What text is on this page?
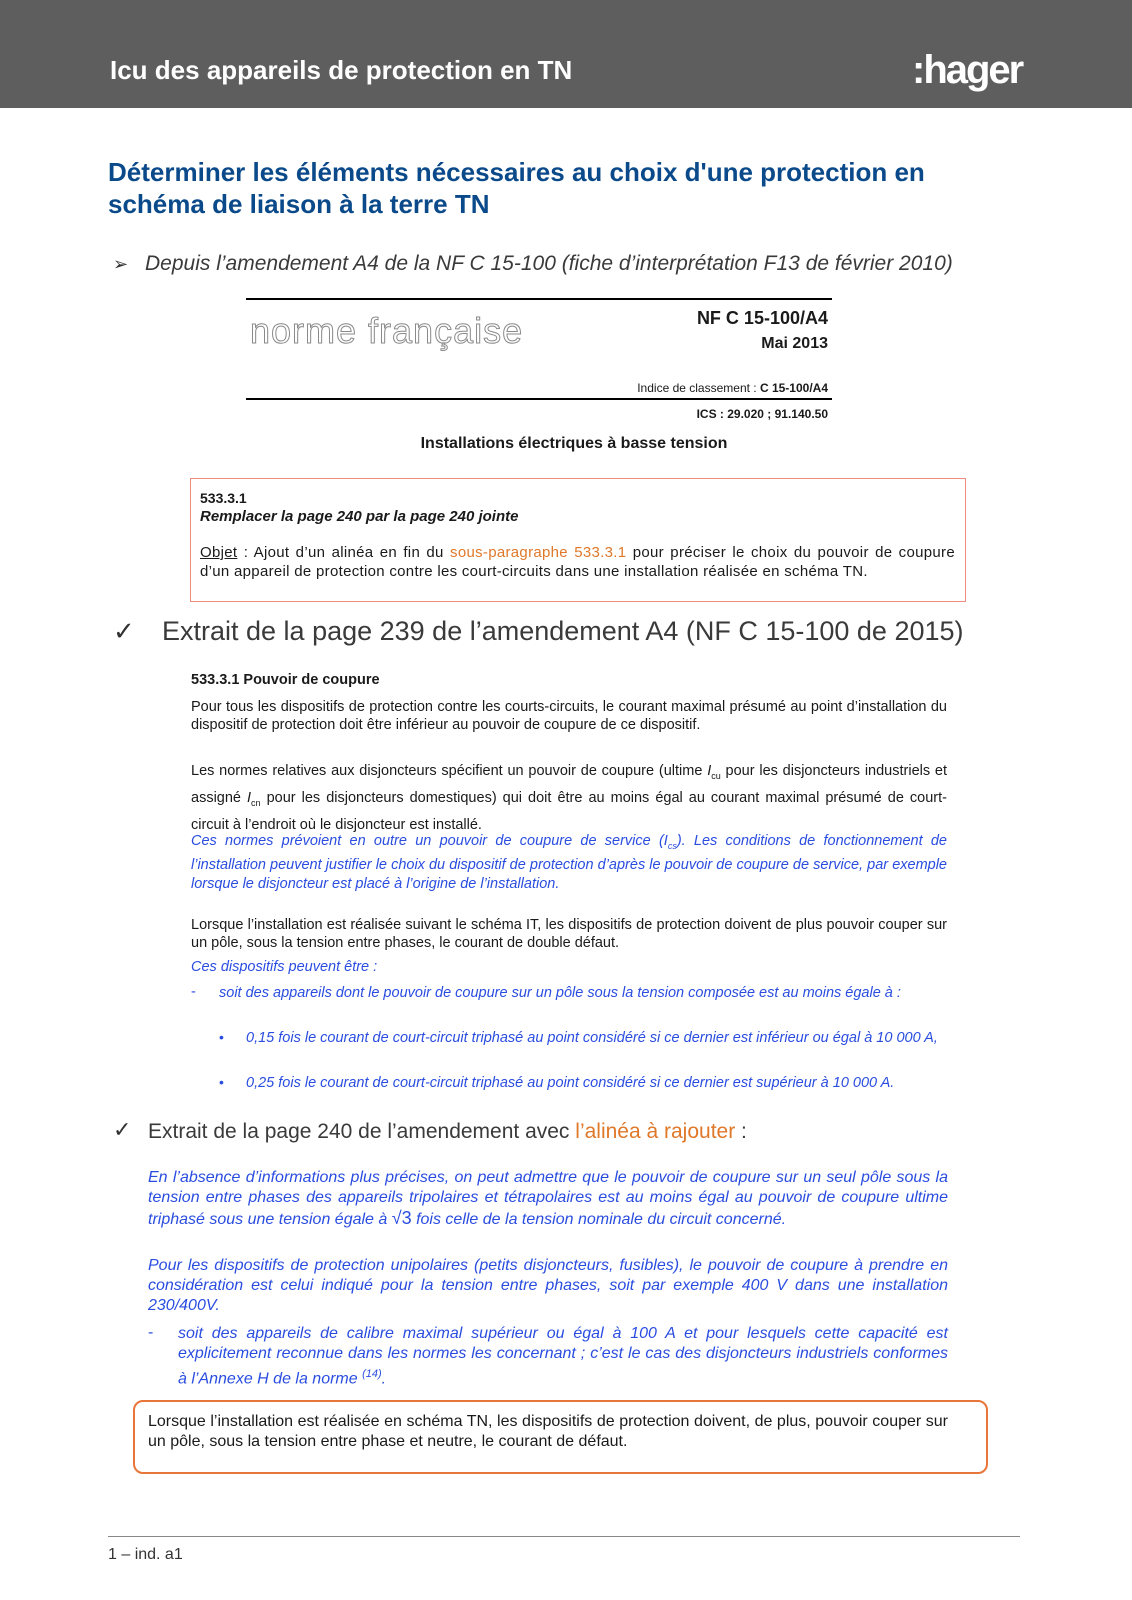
Icu des appareils de protection en TN	:hager
Déterminer les éléments nécessaires au choix d'une protection en schéma de liaison à la terre TN
➢ Depuis l’amendement A4 de la NF C 15-100 (fiche d’interprétation F13 de février 2010)
norme française	NF C 15-100/A4
Mai 2013
Indice de classement : C 15-100/A4
ICS : 29.020 ; 91.140.50
Installations électriques à basse tension
533.3.1
Remplacer la page 240 par la page 240 jointe
Objet : Ajout d’un alinéa en fin du sous-paragraphe 533.3.1 pour préciser le choix du pouvoir de coupure d’un appareil de protection contre les court-circuits dans une installation réalisée en schéma TN.
✓ Extrait de la page 239 de l’amendement A4 (NF C 15-100 de 2015)
533.3.1 Pouvoir de coupure
Pour tous les dispositifs de protection contre les courts-circuits, le courant maximal présumé au point d’installation du dispositif de protection doit être inférieur au pouvoir de coupure de ce dispositif.
Les normes relatives aux disjoncteurs spécifient un pouvoir de coupure (ultime $I_{cu}$ pour les disjoncteurs industriels et assigné $I_{cn}$ pour les disjoncteurs domestiques) qui doit être au moins égal au courant maximal présumé de court-circuit à l’endroit où le disjoncteur est installé.
Ces normes prévoient en outre un pouvoir de coupure de service $(I_{cs})$. Les conditions de fonctionnement de l’installation peuvent justifier le choix du dispositif de protection d’après le pouvoir de coupure de service, par exemple lorsque le disjoncteur est placé à l’origine de l’installation.
Lorsque l’installation est réalisée suivant le schéma IT, les dispositifs de protection doivent de plus pouvoir couper sur un pôle, sous la tension entre phases, le courant de double défaut.
Ces dispositifs peuvent être :
- soit des appareils dont le pouvoir de coupure sur un pôle sous la tension composée est au moins égale à :
• 0,15 fois le courant de court-circuit triphasé au point considéré si ce dernier est inférieur ou égal à 10 000 A,
• 0,25 fois le courant de court-circuit triphasé au point considéré si ce dernier est supérieur à 10 000 A.
✓ Extrait de la page 240 de l’amendement avec l’alinéa à rajouter :
En l’absence d’informations plus précises, on peut admettre que le pouvoir de coupure sur un seul pôle sous la tension entre phases des appareils tripolaires et tétrapolaires est au moins égal au pouvoir de coupure ultime triphasé sous une tension égale à √3 fois celle de la tension nominale du circuit concerné.
Pour les dispositifs de protection unipolaires (petits disjoncteurs, fusibles), le pouvoir de coupure à prendre en considération est celui indiqué pour la tension entre phases, soit par exemple 400 V dans une installation 230/400V.
- soit des appareils de calibre maximal supérieur ou égal à 100 A et pour lesquels cette capacité est explicitement reconnue dans les normes les concernant ; c’est le cas des disjoncteurs industriels conformes à l’Annexe H de la norme $^{(14)}$.
Lorsque l’installation est réalisée en schéma TN, les dispositifs de protection doivent, de plus, pouvoir couper sur un pôle, sous la tension entre phase et neutre, le courant de défaut.
1 – ind. a1
